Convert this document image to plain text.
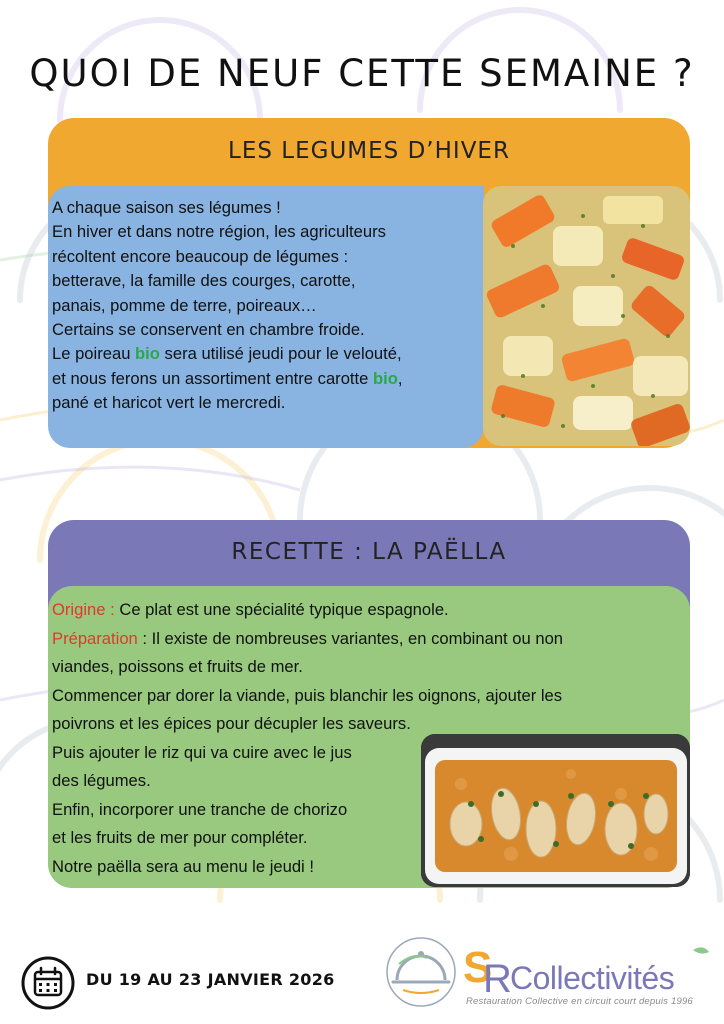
QUOI DE NEUF CETTE SEMAINE ?
LES LEGUMES D’HIVER

A chaque saison ses légumes !

En hiver et dans notre région, les agriculteurs

récoltent encore beaucoup de légumes :

betterave, la famille des courges, carotte,

panais, pomme de terre, poireaux…

Certains se conservent en chambre froide.

Le poireau bio sera utilisé jeudi pour le velouté,

et nous ferons un assortiment entre carotte bio,

pané et haricot vert le mercredi.

RECETTE : LA PAËLLA

Origine : Ce plat est une spécialité typique espagnole.

Préparation : Il existe de nombreuses variantes, en combinant ou non

viandes, poissons et fruits de mer.

Commencer par dorer la viande, puis blanchir les oignons, ajouter les

poivrons et les épices pour décupler les saveurs.

Puis ajouter le riz qui va cuire avec le jus

des légumes.

Enfin, incorporer une tranche de chorizo

et les fruits de mer pour compléter.

Notre paëlla sera au menu le jeudi !

DU 19 AU 23 JANVIER 2026	S
R
Collectivités
Restauration Collective en circuit court depuis 1996
